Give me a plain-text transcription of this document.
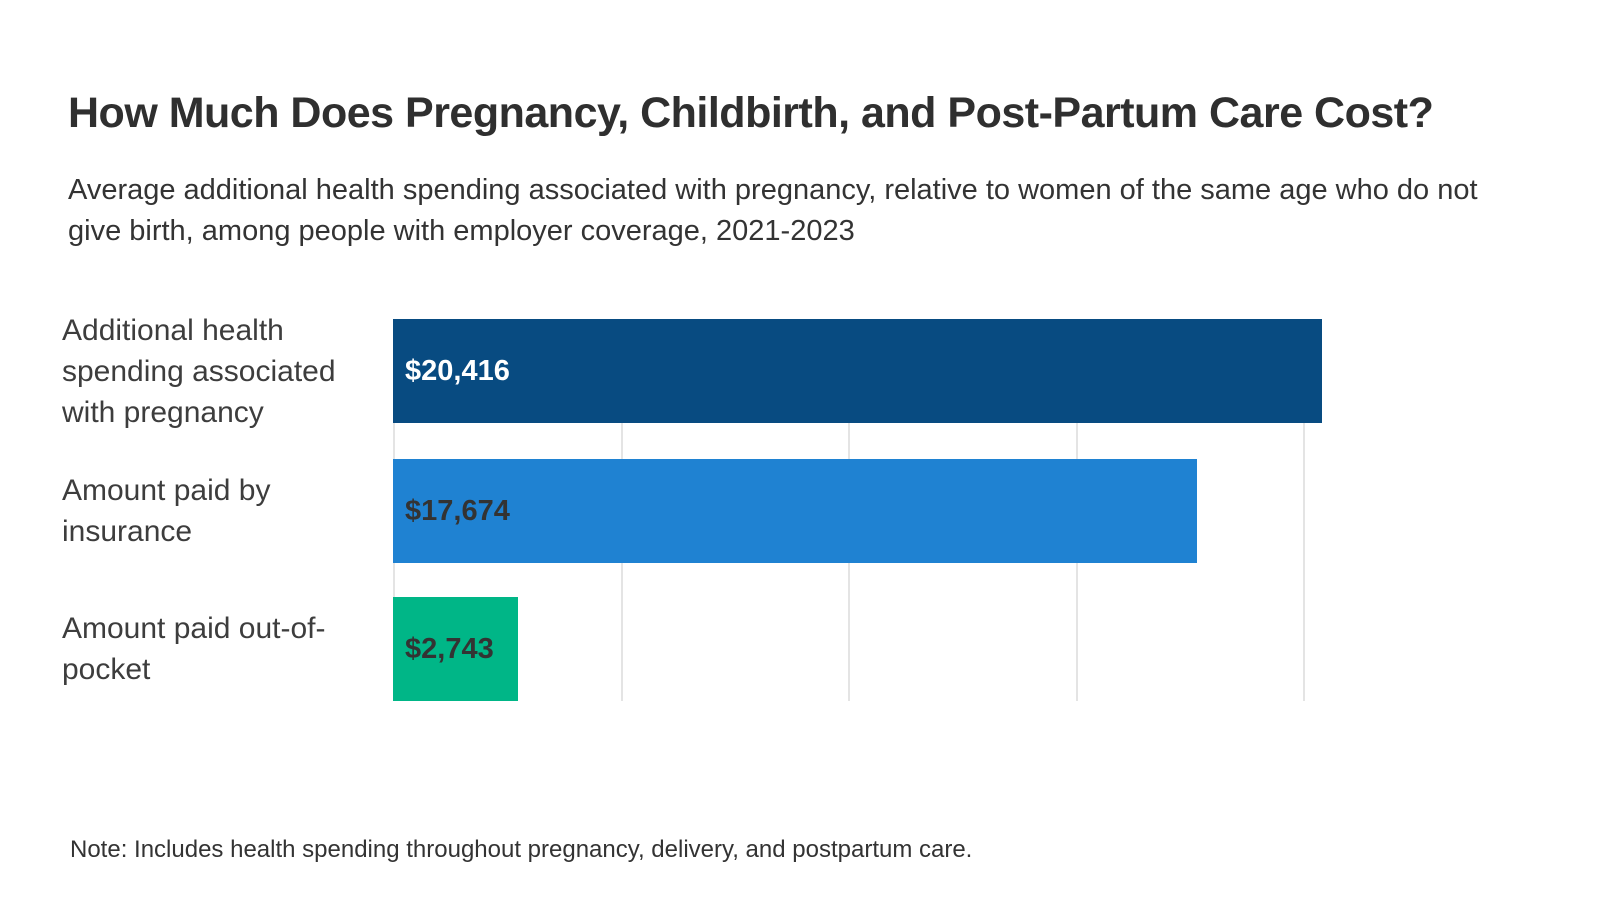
How Much Does Pregnancy, Childbirth, and Post-Partum Care Cost?

Average additional health spending associated with pregnancy, relative to women of the same age who do not give birth, among people with employer coverage, 2021-2023

Additional health spending associated with pregnancy
Amount paid by insurance
Amount paid out-of-pocket
$20,416
$17,674
$2,743

Note: Includes health spending throughout pregnancy, delivery, and postpartum care.
